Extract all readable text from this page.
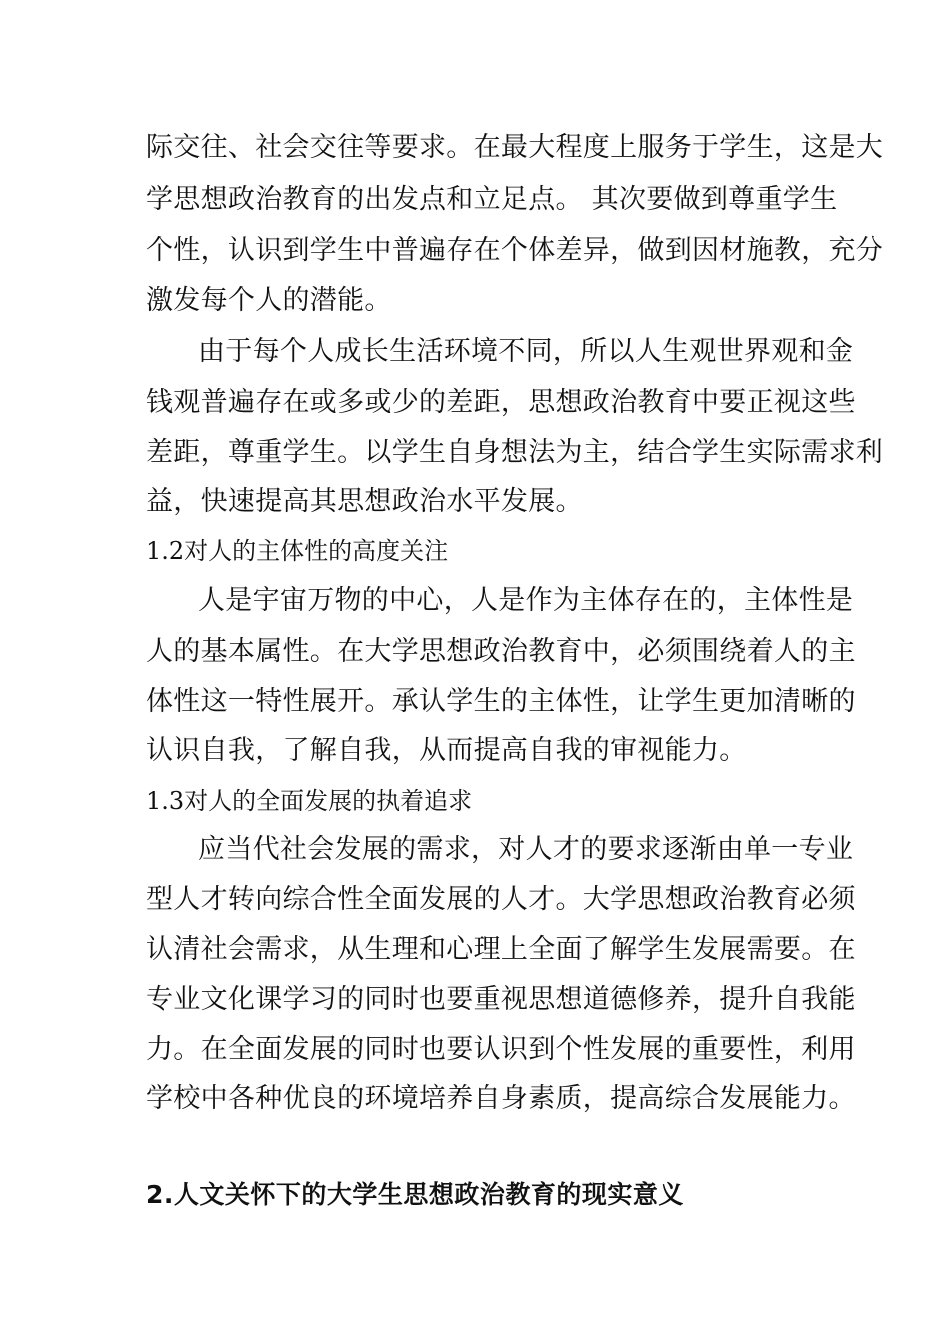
际交往、社会交往等要求。在最大程度上服务于学生，这是大
学思想政治教育的出发点和立足点。 其次要做到尊重学生
个性，认识到学生中普遍存在个体差异，做到因材施教，充分
激发每个人的潜能。
由于每个人成长生活环境不同，所以人生观世界观和金
钱观普遍存在或多或少的差距，思想政治教育中要正视这些
差距，尊重学生。以学生自身想法为主，结合学生实际需求利
益，快速提高其思想政治水平发展。
1.2对人的主体性的高度关注
人是宇宙万物的中心，人是作为主体存在的，主体性是
人的基本属性。在大学思想政治教育中，必须围绕着人的主
体性这一特性展开。承认学生的主体性，让学生更加清晰的
认识自我，了解自我，从而提高自我的审视能力。
1.3对人的全面发展的执着追求
应当代社会发展的需求，对人才的要求逐渐由单一专业
型人才转向综合性全面发展的人才。大学思想政治教育必须
认清社会需求，从生理和心理上全面了解学生发展需要。在
专业文化课学习的同时也要重视思想道德修养，提升自我能
力。在全面发展的同时也要认识到个性发展的重要性，利用
学校中各种优良的环境培养自身素质，提高综合发展能力。
2.人文关怀下的大学生思想政治教育的现实意义
